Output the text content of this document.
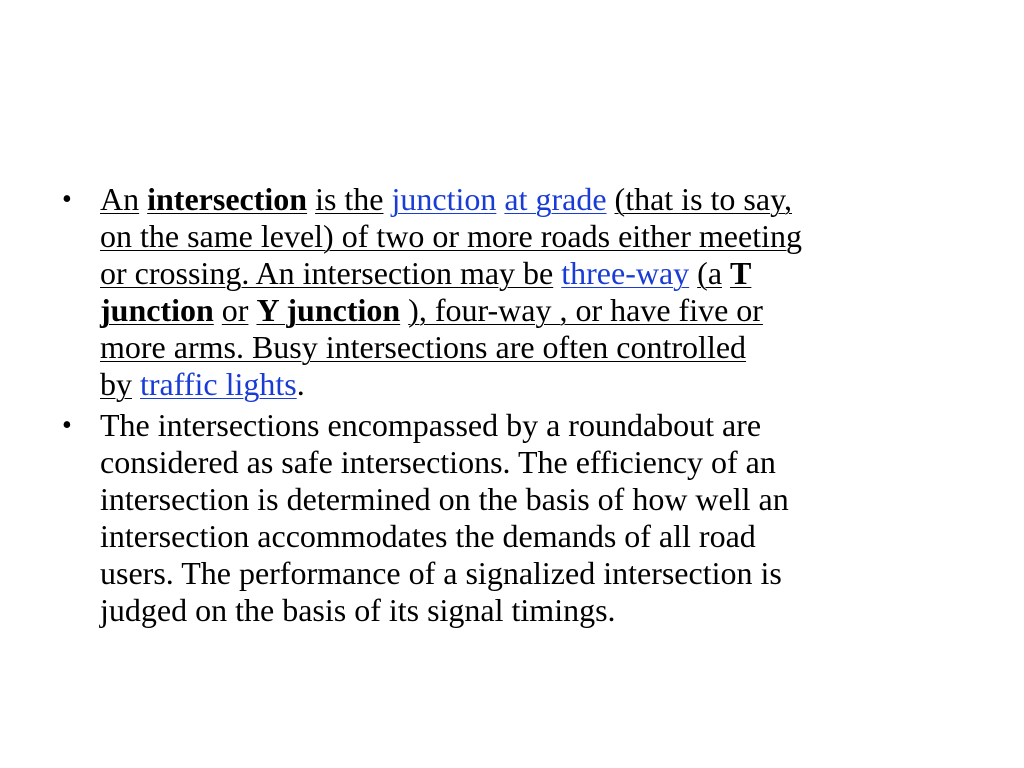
• An intersection is the junction at grade (that is to say,
on the same level) of two or more roads either meeting
or crossing. An intersection may be three-way (a T
junction or Y junction ), four-way , or have five or
more arms. Busy intersections are often controlled
by traffic lights.
• The intersections encompassed by a roundabout are
considered as safe intersections. The efficiency of an
intersection is determined on the basis of how well an
intersection accommodates the demands of all road
users. The performance of a signalized intersection is
judged on the basis of its signal timings.
